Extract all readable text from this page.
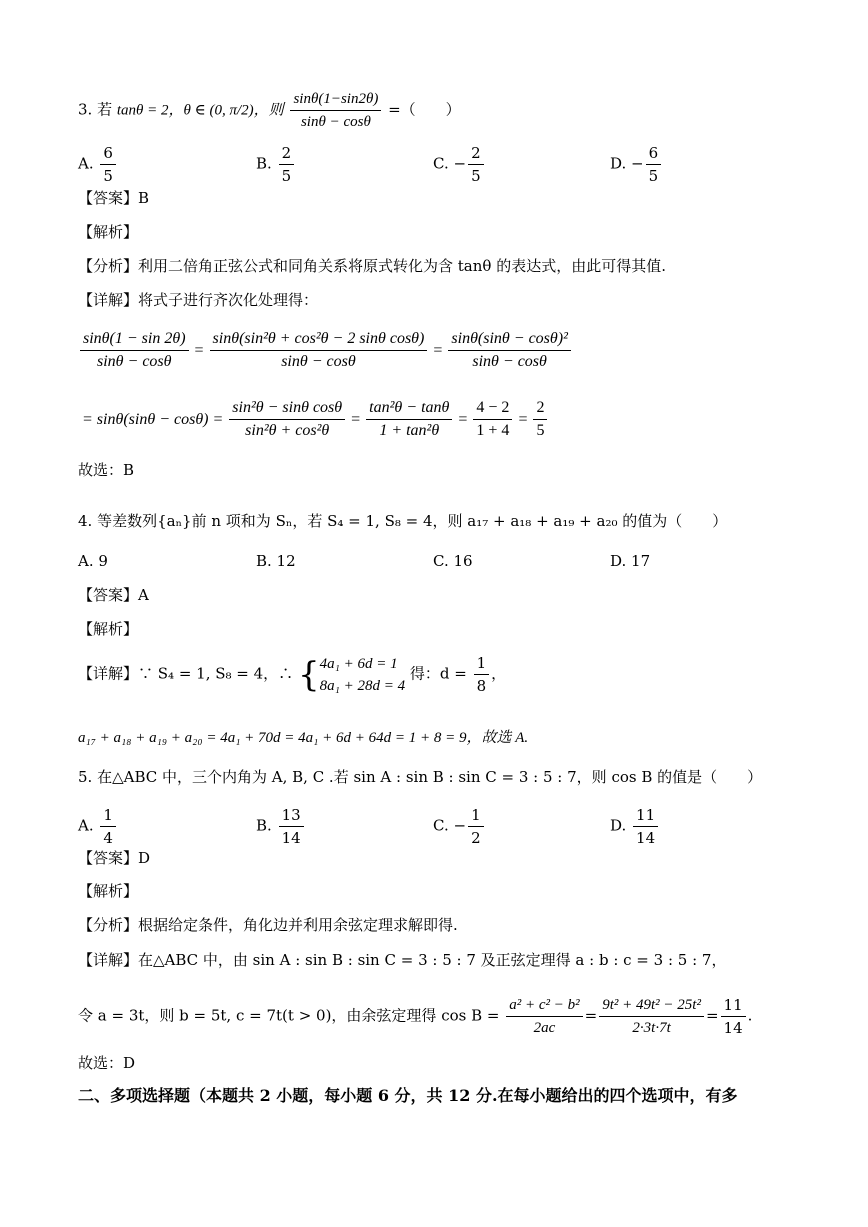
3. 若 tanθ = 2，θ ∈ (0, π/2)，则 $\frac{\sin\theta(1-\sin 2\theta)}{\sin\theta - \cos\theta}$ =（　　）
A. $\frac{6}{5}$	B. $\frac{2}{5}$	C. − $\frac{2}{5}$	D. − $\frac{6}{5}$
【答案】B
【解析】
【分析】利用二倍角正弦公式和同角关系将原式转化为含 tanθ 的表达式，由此可得其值.
【详解】将式子进行齐次化处理得：
$\frac{\sin\theta(1 - \sin 2\theta)}{\sin\theta - \cos\theta} = \frac{\text{sinθ(sin²θ + cos²θ − 2 sinθ cosθ)}}{\sin\theta - \cos\theta} = \frac{\text{sinθ(sinθ − cosθ)²}}{\sin\theta - \cos\theta}$
= $\sin\theta(\sin\theta - \cos\theta) = \frac{\text{sin²θ − sinθ cosθ}}{\text{sin²θ + cos²θ}} = \frac{\text{tan²θ − tanθ}}{\text{1 + tan²θ}} = \frac{4 - 2}{1 + 4} = \frac{2}{5}$
故选：B
4. 等差数列{aₙ}前 n 项和为 Sₙ，若 S₄ = 1, S₈ = 4，则 a₁₇ + a₁₈ + a₁₉ + a₂₀ 的值为（　　）
A. 9	B. 12	C. 16	D. 17
【答案】A
【解析】
【详解】∵ S₄ = 1, S₈ = 4，∴ { 4a₁ + 6d = 1
8a₁ + 28d = 4
得：$d = \frac{1}{8}$ ，
a₁₇ + a₁₈ + a₁₉ + a₂₀ = 4a₁ + 70d = 4a₁ + 6d + 64d = 1 + 8 = 9，故选 A.
5. 在△ABC 中，三个内角为 A, B, C .若 sin A : sin B : sin C = 3 : 5 : 7，则 cos B 的值是（　　）
A. $\frac{1}{4}$	B. $\frac{13}{14}$	C. − $\frac{1}{2}$	D. $\frac{11}{14}$
【答案】D
【解析】
【分析】根据给定条件，角化边并利用余弦定理求解即得.
【详解】在△ABC 中，由 sin A : sin B : sin C = 3 : 5 : 7 及正弦定理得 a : b : c = 3 : 5 : 7，
令 a = 3t，则 b = 5t, c = 7t(t > 0)，由余弦定理得 $\cos B = \frac{\text{a² + c² − b²}}{2ac} = \frac{\text{9t² + 49t² − 25t²}}{2\cdot 3t\cdot 7t} = \frac{11}{14}$ .
故选：D
二、多项选择题（本题共 2 小题，每小题 6 分，共 12 分.在每小题给出的四个选项中，有多
